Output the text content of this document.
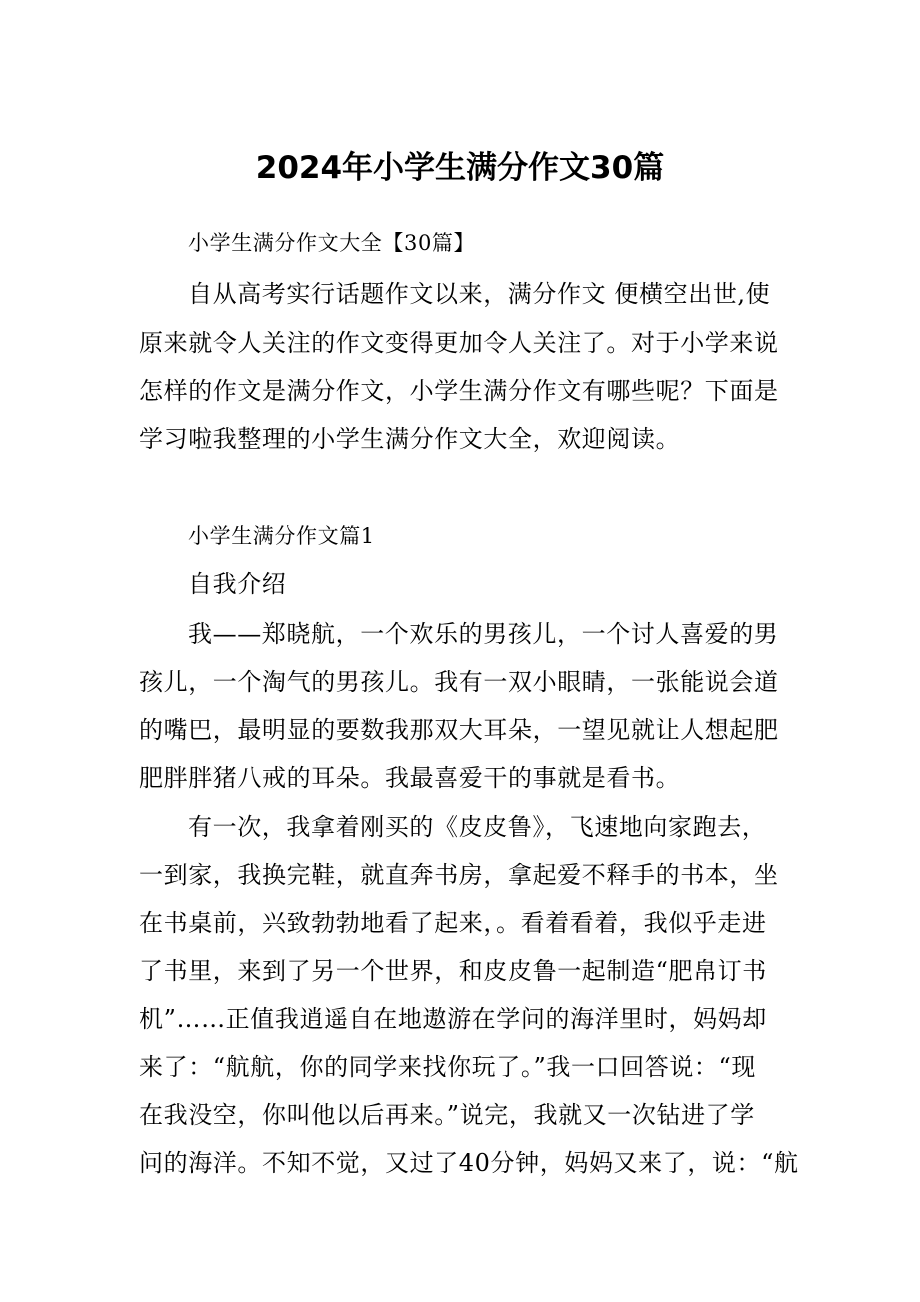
2024年小学生满分作文30篇
小学生满分作文大全【30篇】
自从高考实行话题作文以来，满分作文 便横空出世,使
原来就令人关注的作文变得更加令人关注了。对于小学来说
怎样的作文是满分作文，小学生满分作文有哪些呢？下面是
学习啦我整理的小学生满分作文大全，欢迎阅读。
小学生满分作文篇1
自我介绍
我——郑晓航，一个欢乐的男孩儿，一个讨人喜爱的男
孩儿，一个淘气的男孩儿。我有一双小眼睛，一张能说会道
的嘴巴，最明显的要数我那双大耳朵，一望见就让人想起肥
肥胖胖猪八戒的耳朵。我最喜爱干的事就是看书。
有一次，我拿着刚买的《皮皮鲁》，飞速地向家跑去，
一到家，我换完鞋，就直奔书房，拿起爱不释手的书本，坐
在书桌前，兴致勃勃地看了起来，。看着看着，我似乎走进
了书里，来到了另一个世界，和皮皮鲁一起制造“肥帛订书
机”……正值我逍遥自在地遨游在学问的海洋里时，妈妈却
来了：“航航，你的同学来找你玩了。”我一口回答说：“现
在我没空，你叫他以后再来。”说完，我就又一次钻进了学
问的海洋。不知不觉，又过了40分钟，妈妈又来了，说：“航
